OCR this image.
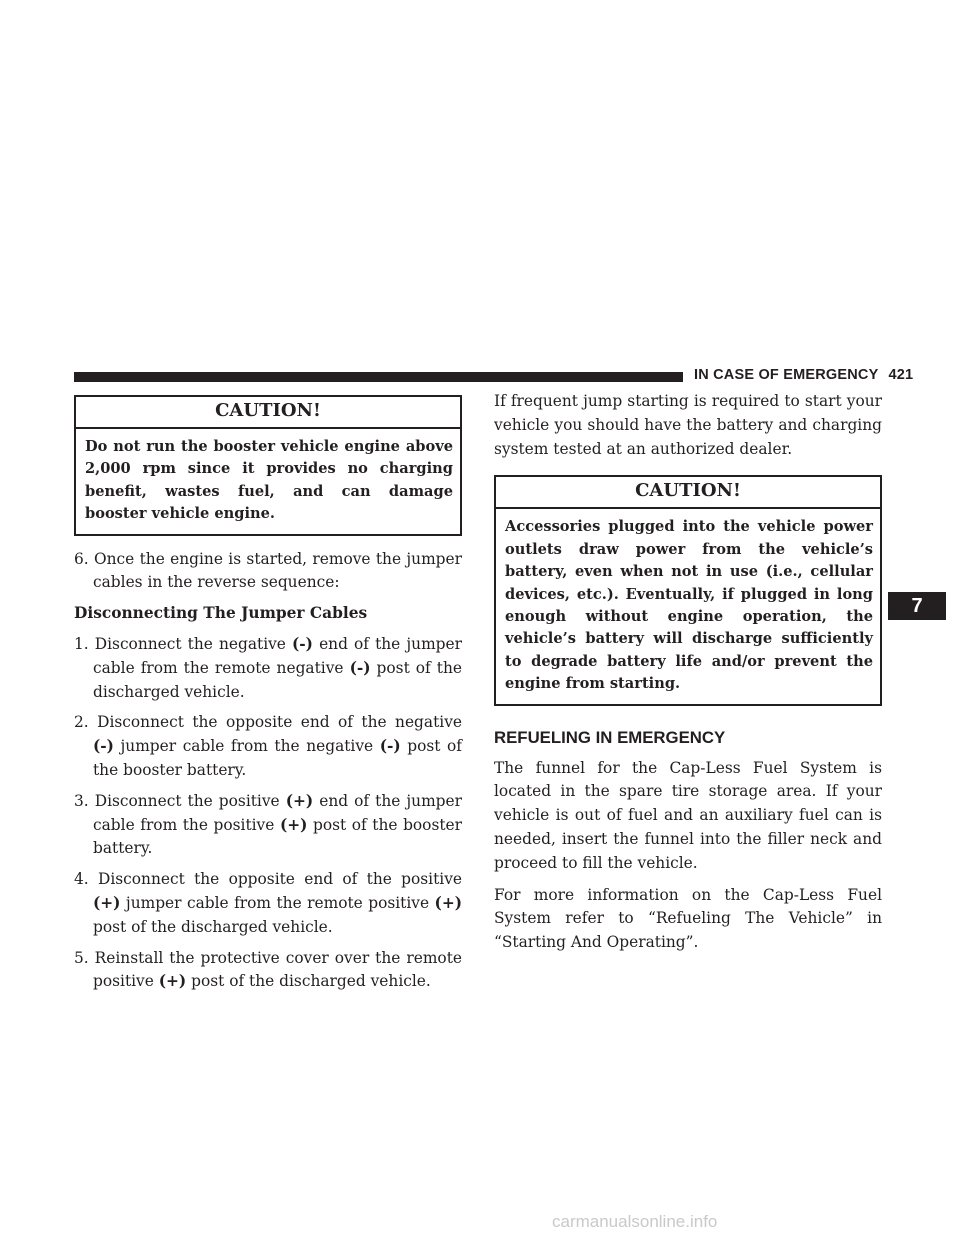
IN CASE OF EMERGENCY 421
7
CAUTION!
Do not run the booster vehicle engine above 2,000 rpm since it provides no charging benefit, wastes fuel, and can damage booster vehicle engine.
6. Once the engine is started, remove the jumper cables in the reverse sequence:
Disconnecting The Jumper Cables
1. Disconnect the negative (-) end of the jumper cable from the remote negative (-) post of the discharged vehicle.
2. Disconnect the opposite end of the negative (-) jumper cable from the negative (-) post of the booster battery.
3. Disconnect the positive (+) end of the jumper cable from the positive (+) post of the booster battery.
4. Disconnect the opposite end of the positive (+) jumper cable from the remote positive (+) post of the discharged vehicle.
5. Reinstall the protective cover over the remote positive (+) post of the discharged vehicle.

If frequent jump starting is required to start your vehicle you should have the battery and charging system tested at an authorized dealer.

CAUTION!
Accessories plugged into the vehicle power outlets draw power from the vehicle’s battery, even when not in use (i.e., cellular devices, etc.). Eventually, if plugged in long enough without engine operation, the vehicle’s battery will discharge sufficiently to degrade battery life and/or prevent the engine from starting.
REFUELING IN EMERGENCY

The funnel for the Cap-Less Fuel System is located in the spare tire storage area. If your vehicle is out of fuel and an auxiliary fuel can is needed, insert the funnel into the filler neck and proceed to fill the vehicle.

For more information on the Cap-Less Fuel System refer to “Refueling The Vehicle” in “Starting And Operating”.

carmanualsonline.info
